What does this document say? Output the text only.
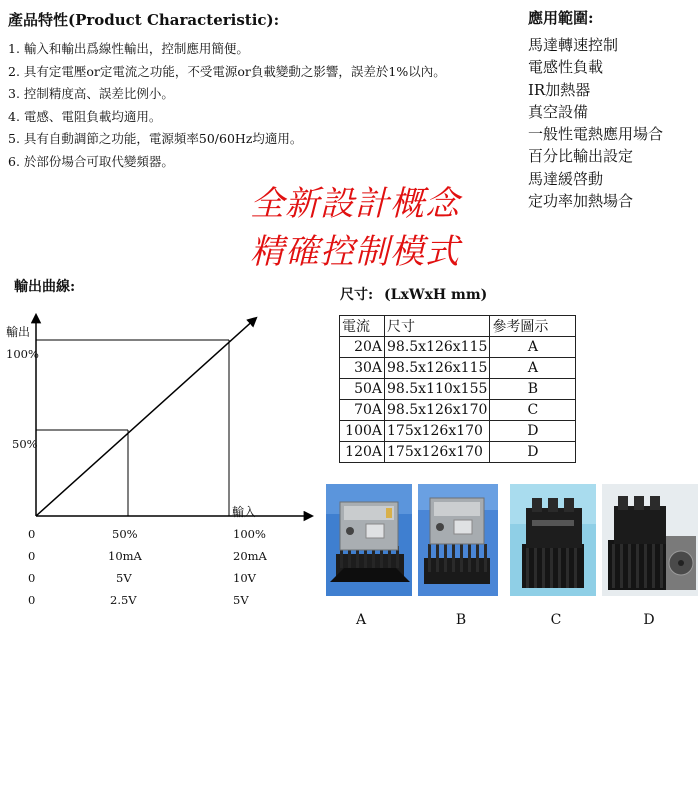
產品特性(Product Characteristic):
1. 輸入和輸出爲線性輸出，控制應用簡便。
2. 具有定電壓or定電流之功能，不受電源or負載變動之影響，誤差於1%以內。
3. 控制精度高、誤差比例小。
4. 電感、電阻負載均適用。
5. 具有自動調節之功能，電源頻率50/60Hz均適用。
6. 於部份場合可取代變頻器。
應用範圍:
馬達轉速控制
電感性負載
IR加熱器
真空設備
一般性電熱應用場合
百分比輸出設定
馬達緩啓動
定功率加熱場合
全新設計概念
精確控制模式
輸出曲線:
輸出
100%
50%
輸入
0	50%	100%
0	10mA	20mA
0	5V	10V
0	2.5V	5V
尺寸: (LxWxH mm)
電流	尺寸	參考圖示
20A	98.5x126x115	A
30A	98.5x126x115	A
50A	98.5x110x155	B
70A	98.5x126x170	C
100A	175x126x170	D
120A	175x126x170	D
A	B	C	D
